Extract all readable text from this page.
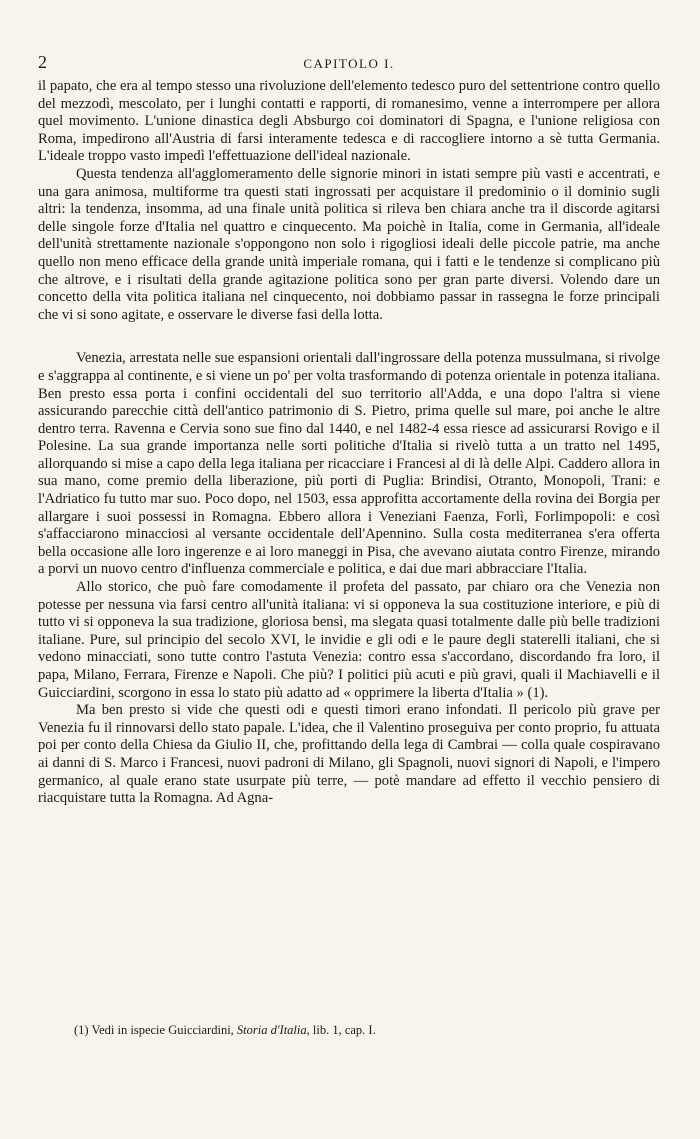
2	CAPITOLO I.

il papato, che era al tempo stesso una rivoluzione dell'elemento tedesco puro del settentrione contro quello del mezzodì, mescolato, per i lunghi contatti e rapporti, di romanesimo, venne a interrompere per allora quel movimento. L'unione dinastica degli Absburgo coi dominatori di Spagna, e l'unione religiosa con Roma, impedirono all'Austria di farsi interamente tedesca e di raccogliere intorno a sè tutta Germania. L'ideale troppo vasto impedì l'effettuazione dell'ideal nazionale.

Questa tendenza all'agglomeramento delle signorie minori in istati sempre più vasti e accentrati, e una gara animosa, multiforme tra questi stati ingrossati per acquistare il predominio o il dominio sugli altri: la tendenza, insomma, ad una finale unità politica si rileva ben chiara anche tra il discorde agitarsi delle singole forze d'Italia nel quattro e cinquecento. Ma poichè in Italia, come in Germania, all'ideale dell'unità strettamente nazionale s'oppongono non solo i rigogliosi ideali delle piccole patrie, ma anche quello non meno efficace della grande unità imperiale romana, qui i fatti e le tendenze si complicano più che altrove, e i risultati della grande agitazione politica sono per gran parte diversi. Volendo dare un concetto della vita politica italiana nel cinquecento, noi dobbiamo passar in rassegna le forze principali che vi si sono agitate, e osservare le diverse fasi della lotta.

Venezia, arrestata nelle sue espansioni orientali dall'ingrossare della potenza mussulmana, si rivolge e s'aggrappa al continente, e si viene un po' per volta trasformando di potenza orientale in potenza italiana. Ben presto essa porta i confini occidentali del suo territorio all'Adda, e una dopo l'altra si viene assicurando parecchie città dell'antico patrimonio di S. Pietro, prima quelle sul mare, poi anche le altre dentro terra. Ravenna e Cervia sono sue fino dal 1440, e nel 1482-4 essa riesce ad assicurarsi Rovigo e il Polesine. La sua grande importanza nelle sorti politiche d'Italia si rivelò tutta a un tratto nel 1495, allorquando si mise a capo della lega italiana per ricacciare i Francesi al di là delle Alpi. Caddero allora in sua mano, come premio della liberazione, più porti di Puglia: Brindisi, Otranto, Monopoli, Trani: e l'Adriatico fu tutto mar suo. Poco dopo, nel 1503, essa approfitta accortamente della rovina dei Borgia per allargare i suoi possessi in Romagna. Ebbero allora i Veneziani Faenza, Forlì, Forlimpopoli: e così s'affacciarono minacciosi al versante occidentale dell'Apennino. Sulla costa mediterranea s'era offerta bella occasione alle loro ingerenze e ai loro maneggi in Pisa, che avevano aiutata contro Firenze, mirando a porvi un nuovo centro d'influenza commerciale e politica, e dai due mari abbracciare l'Italia.

Allo storico, che può fare comodamente il profeta del passato, par chiaro ora che Venezia non potesse per nessuna via farsi centro all'unità italiana: vi si opponeva la sua costituzione interiore, e più di tutto vi si opponeva la sua tradizione, gloriosa bensì, ma slegata quasi totalmente dalle più belle tradizioni italiane. Pure, sul principio del secolo XVI, le invidie e gli odi e le paure degli staterelli italiani, che si vedono minacciati, sono tutte contro l'astuta Venezia: contro essa s'accordano, discordando fra loro, il papa, Milano, Ferrara, Firenze e Napoli. Che più? I politici più acuti e più gravi, quali il Machiavelli e il Guicciardini, scorgono in essa lo stato più adatto ad « opprimere la liberta d'Italia » (1).

Ma ben presto si vide che questi odi e questi timori erano infondati. Il pericolo più grave per Venezia fu il rinnovarsi dello stato papale. L'idea, che il Valentino proseguiva per conto proprio, fu attuata poi per conto della Chiesa da Giulio II, che, profittando della lega di Cambrai — colla quale cospiravano ai danni di S. Marco i Francesi, nuovi padroni di Milano, gli Spagnoli, nuovi signori di Napoli, e l'impero germanico, al quale erano state usurpate più terre, — potè mandare ad effetto il vecchio pensiero di riacquistare tutta la Romagna. Ad Agna-

(1) Vedi in ispecie Guicciardini, Storia d'Italia, lib. 1, cap. I.
